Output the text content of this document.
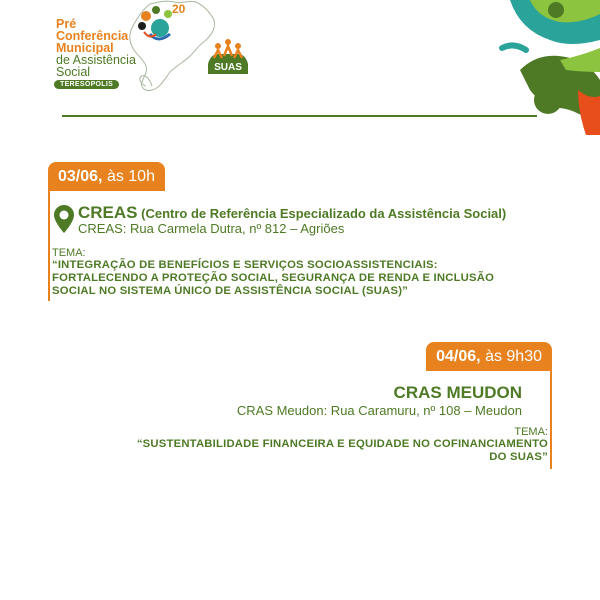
Pré
Conferência
Municipal
de Assistência
Social
20
TERESÓPOLIS
SUAS
03/06, às 10h
CREAS (Centro de Referência Especializado da Assistência Social)
CREAS: Rua Carmela Dutra, nº 812 – Agriões
TEMA:
“INTEGRAÇÃO DE BENEFÍCIOS E SERVIÇOS SOCIOASSISTENCIAIS:
FORTALECENDO A PROTEÇÃO SOCIAL, SEGURANÇA DE RENDA E INCLUSÃO
SOCIAL NO SISTEMA ÚNICO DE ASSISTÊNCIA SOCIAL (SUAS)”
04/06, às 9h30
CRAS MEUDON
CRAS Meudon: Rua Caramuru, nº 108 – Meudon
TEMA:
“SUSTENTABILIDADE FINANCEIRA E EQUIDADE NO COFINANCIAMENTO
DO SUAS”
